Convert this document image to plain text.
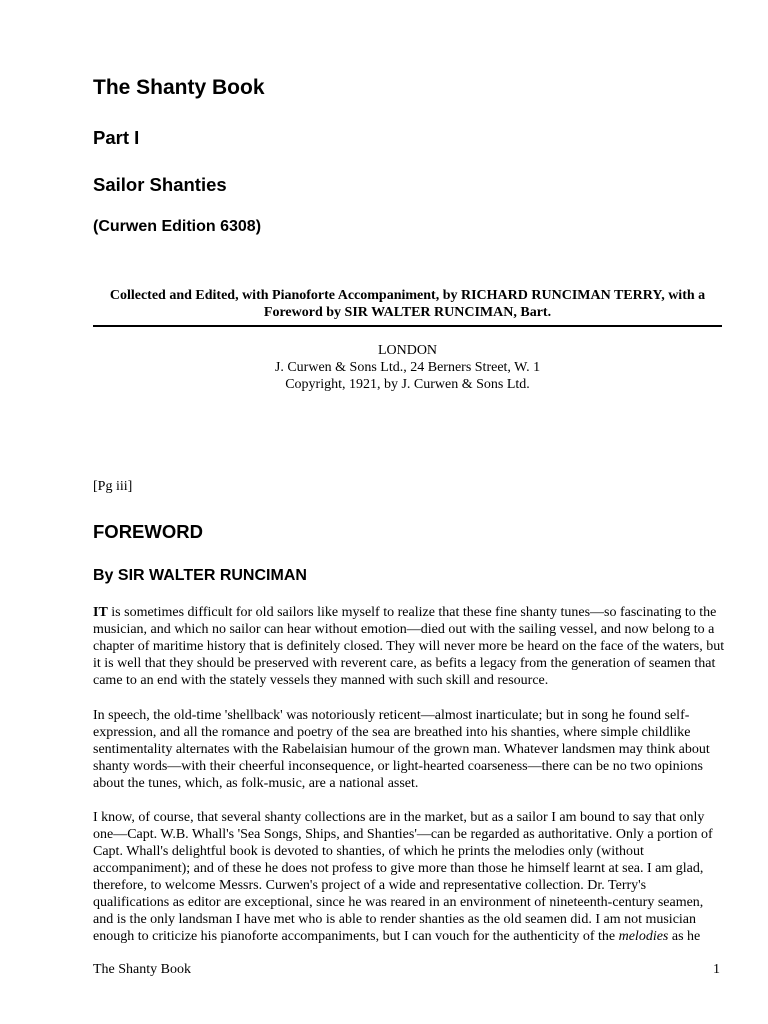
The Shanty Book
Part I
Sailor Shanties
(Curwen Edition 6308)

Collected and Edited, with Pianoforte Accompaniment, by RICHARD RUNCIMAN TERRY, with a Foreword by SIR WALTER RUNCIMAN, Bart.

LONDON
J. Curwen & Sons Ltd., 24 Berners Street, W. 1
Copyright, 1921, by J. Curwen & Sons Ltd.

[Pg iii]

FOREWORD
By SIR WALTER RUNCIMAN

IT is sometimes difficult for old sailors like myself to realize that these fine shanty tunes—so fascinating to the musician, and which no sailor can hear without emotion—died out with the sailing vessel, and now belong to a chapter of maritime history that is definitely closed. They will never more be heard on the face of the waters, but it is well that they should be preserved with reverent care, as befits a legacy from the generation of seamen that came to an end with the stately vessels they manned with such skill and resource.

In speech, the old-time 'shellback' was notoriously reticent—almost inarticulate; but in song he found self-expression, and all the romance and poetry of the sea are breathed into his shanties, where simple childlike sentimentality alternates with the Rabelaisian humour of the grown man. Whatever landsmen may think about shanty words—with their cheerful inconsequence, or light-hearted coarseness—there can be no two opinions about the tunes, which, as folk-music, are a national asset.

I know, of course, that several shanty collections are in the market, but as a sailor I am bound to say that only one—Capt. W.B. Whall's 'Sea Songs, Ships, and Shanties'—can be regarded as authoritative. Only a portion of Capt. Whall's delightful book is devoted to shanties, of which he prints the melodies only (without accompaniment); and of these he does not profess to give more than those he himself learnt at sea. I am glad, therefore, to welcome Messrs. Curwen's project of a wide and representative collection. Dr. Terry's qualifications as editor are exceptional, since he was reared in an environment of nineteenth-century seamen, and is the only landsman I have met who is able to render shanties as the old seamen did. I am not musician enough to criticize his pianoforte accompaniments, but I can vouch for the authenticity of the melodies as he

The Shanty Book	1
